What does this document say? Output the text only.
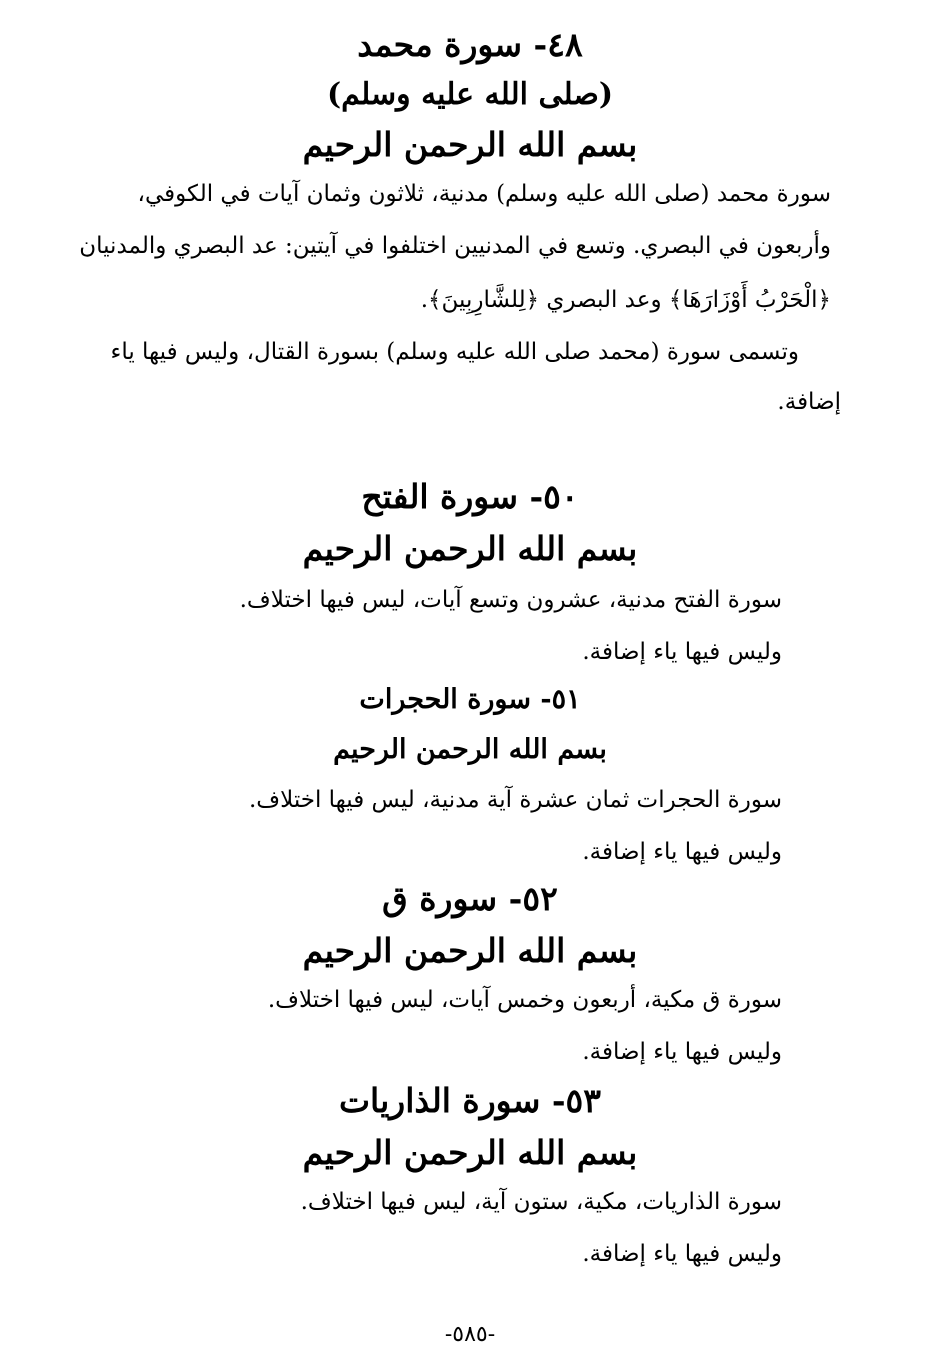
٤٨- سورة محمد
(صلى الله عليه وسلم)
بسم الله الرحمن الرحيم
سورة محمد (صلى الله عليه وسلم) مدنية، ثلاثون وثمان آيات في الكوفي،
وأربعون في البصري. وتسع في المدنيين اختلفوا في آيتين: عد البصري والمدنيان
﴿الْحَرْبُ أَوْزَارَهَا﴾ وعد البصري ﴿لِلشَّارِبِينَ﴾.
وتسمى سورة (محمد صلى الله عليه وسلم) بسورة القتال، وليس فيها ياء
إضافة.
٥٠- سورة الفتح
بسم الله الرحمن الرحيم
سورة الفتح مدنية، عشرون وتسع آيات، ليس فيها اختلاف.
وليس فيها ياء إضافة.
٥١- سورة الحجرات
بسم الله الرحمن الرحيم
سورة الحجرات ثمان عشرة آية مدنية، ليس فيها اختلاف.
وليس فيها ياء إضافة.
٥٢- سورة ق
بسم الله الرحمن الرحيم
سورة ق مكية، أربعون وخمس آيات، ليس فيها اختلاف.
وليس فيها ياء إضافة.
٥٣- سورة الذاريات
بسم الله الرحمن الرحيم
سورة الذاريات، مكية، ستون آية، ليس فيها اختلاف.
وليس فيها ياء إضافة.
-٥٨٥-
